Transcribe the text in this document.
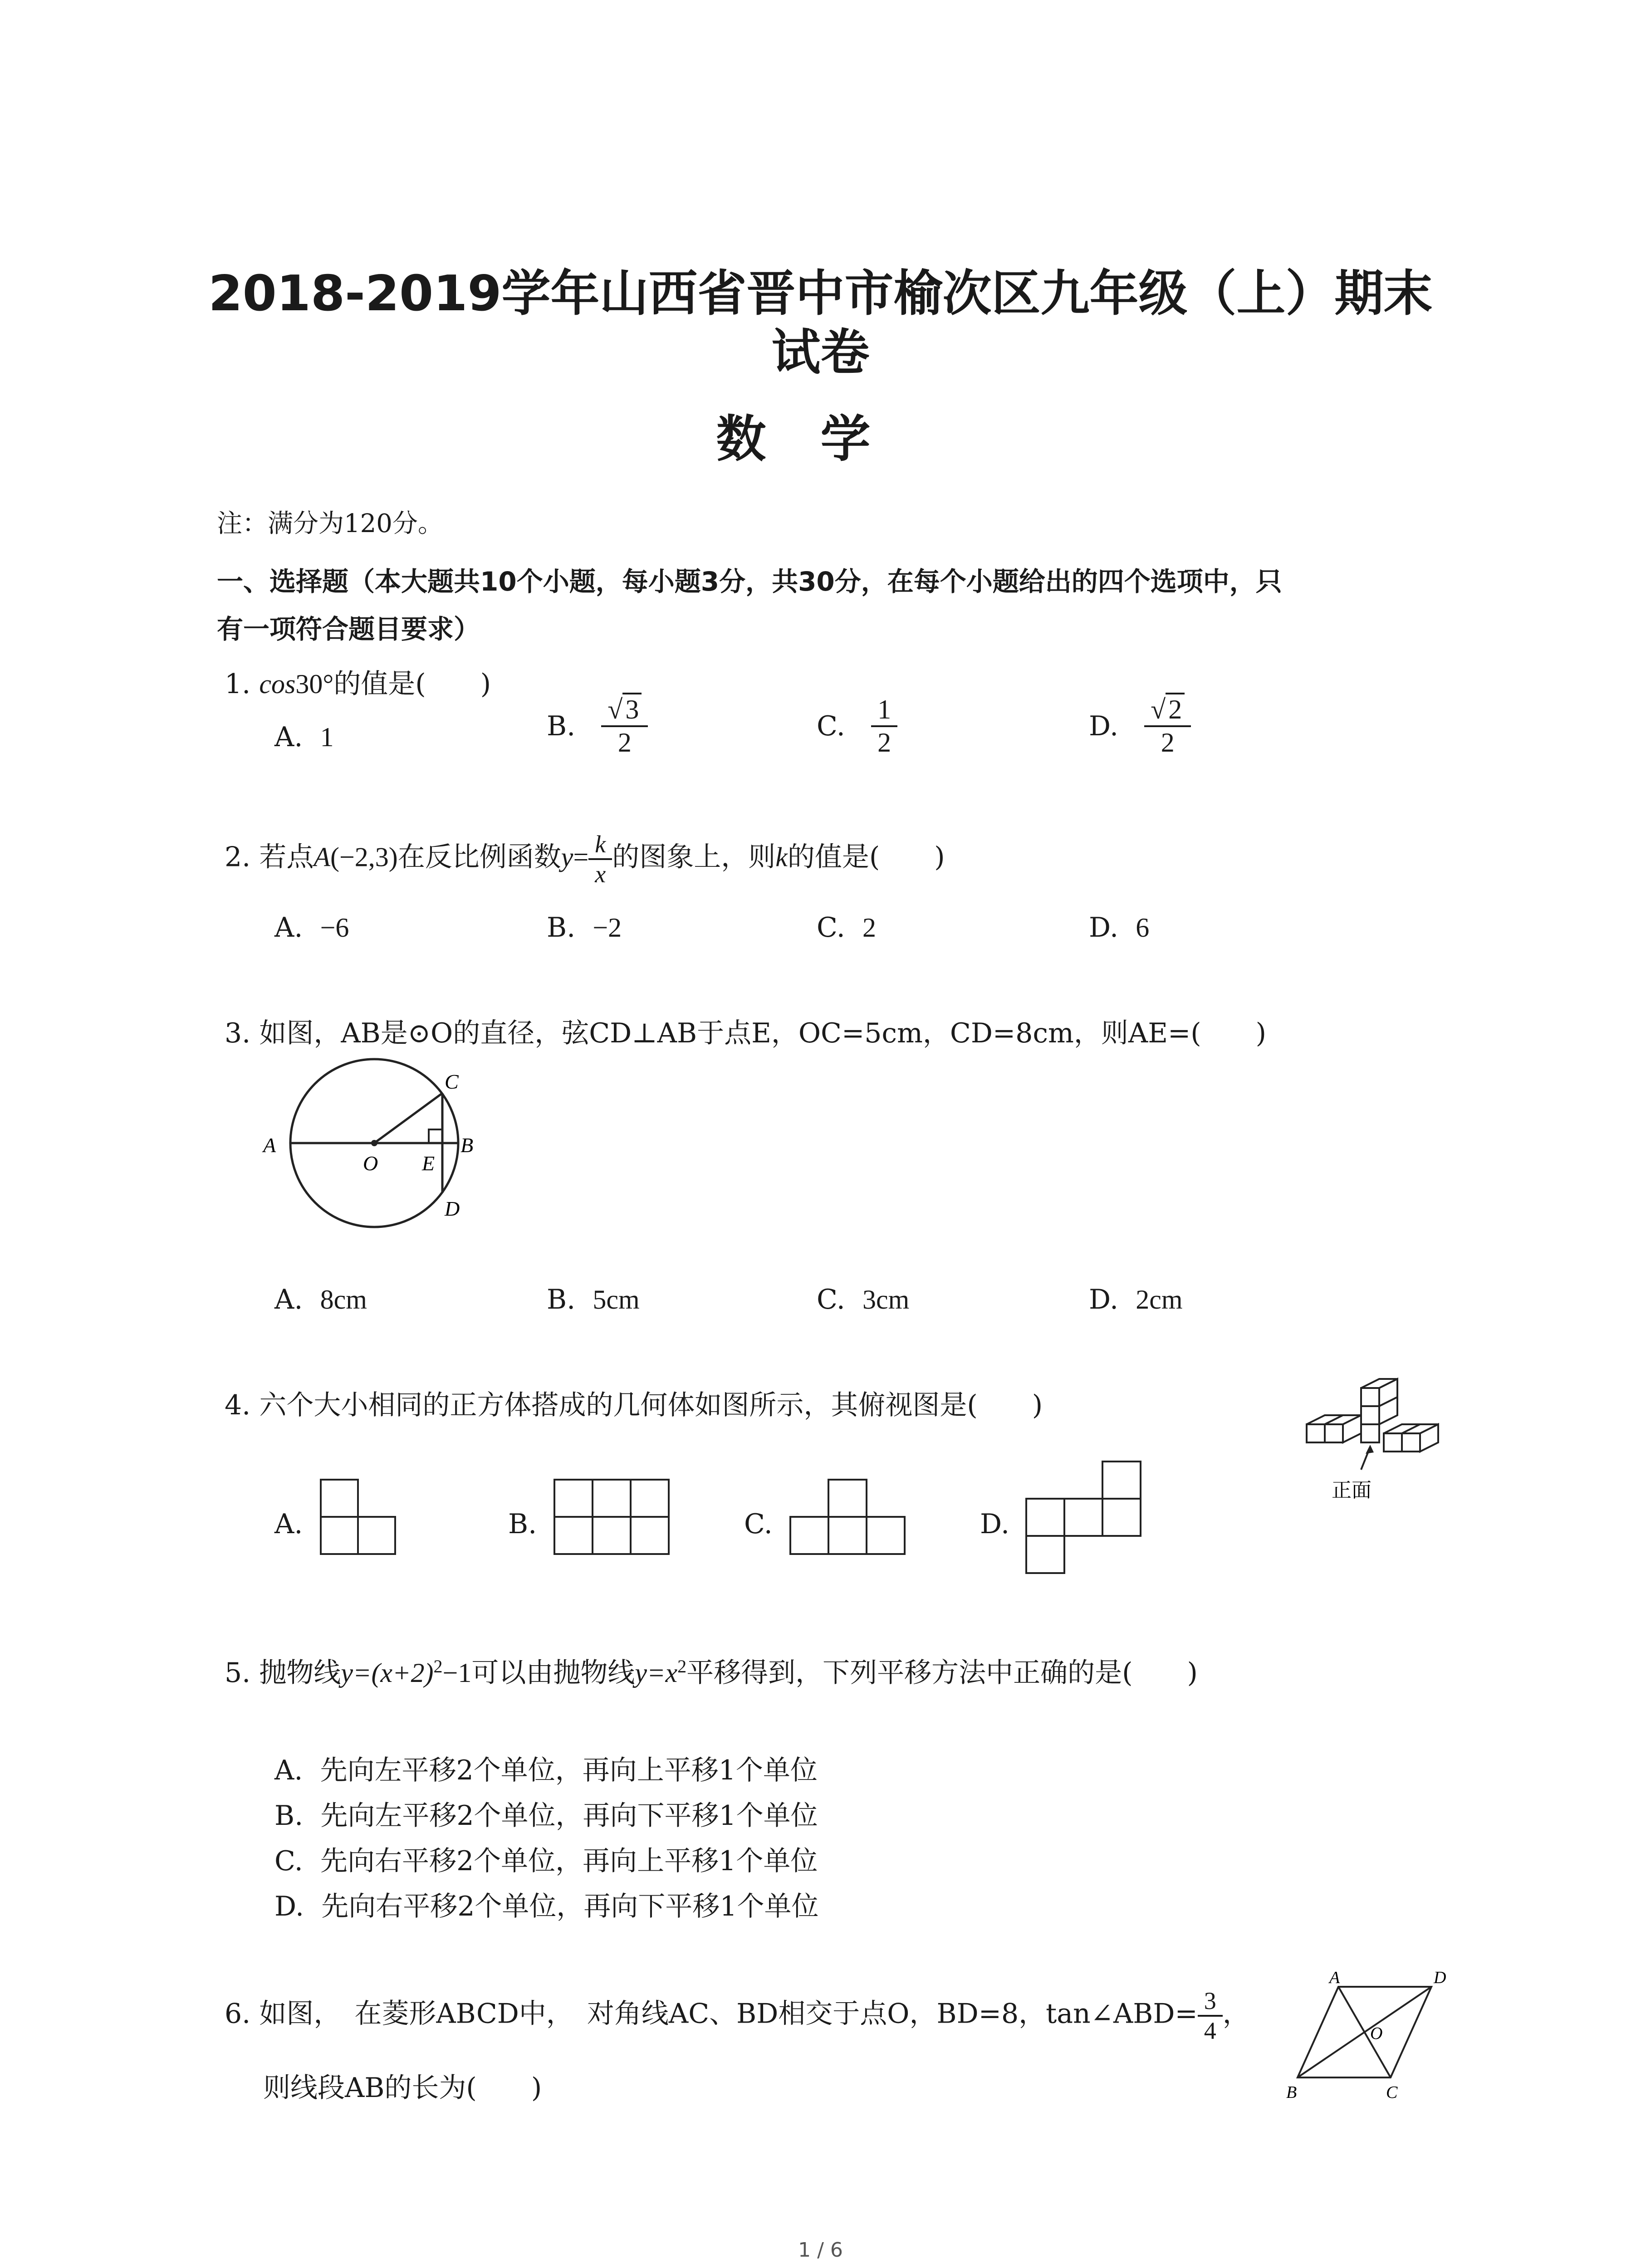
2018-2019学年山西省晋中市榆次区九年级（上）期末
试卷
数学
注：满分为120分。
一、选择题（本大题共10个小题，每小题3分，共30分，在每个小题给出的四个选项中，只
有一项符合题目要求）
1. cos30°的值是(　　)
A. 1	B. $\frac{√ 3}{2}$	C. $\frac{1}{2}$	D. $\frac{√ 2}{2}$
2. 若点A(−2,3)在反比例函数$y= \frac{k}{x}$ 的图象上，则k的值是(　　)
A. −6	B. −2	C. 2	D. 6
3. 如图，AB是⊙O的直径，弦CD⊥AB于点E，OC=5cm，CD=8cm，则AE=(　　)
A	B
C
D
O E
A. 8cm	B. 5cm	C. 3cm	D. 2cm
4. 六个大小相同的正方体搭成的几何体如图所示，其俯视图是(　　)
正面
A.	B.	C.	D.
5. 抛物线$y=(x+2)^2-1$可以由抛物线$y=x^2$平移得到，下列平移方法中正确的是(　　)
A. 先向左平移2个单位，再向上平移1个单位
B. 先向左平移2个单位，再向下平移1个单位
C. 先向右平移2个单位，再向上平移1个单位
D. 先向右平移2个单位，再向下平移1个单位
6. 如图，　在菱形ABCD中，　对角线AC、BD相交于点O，BD=8，tan∠ABD= $\frac{3}{4}$ ，
则线段AB的长为(　　)
A	D
B	C
O
1 / 6
